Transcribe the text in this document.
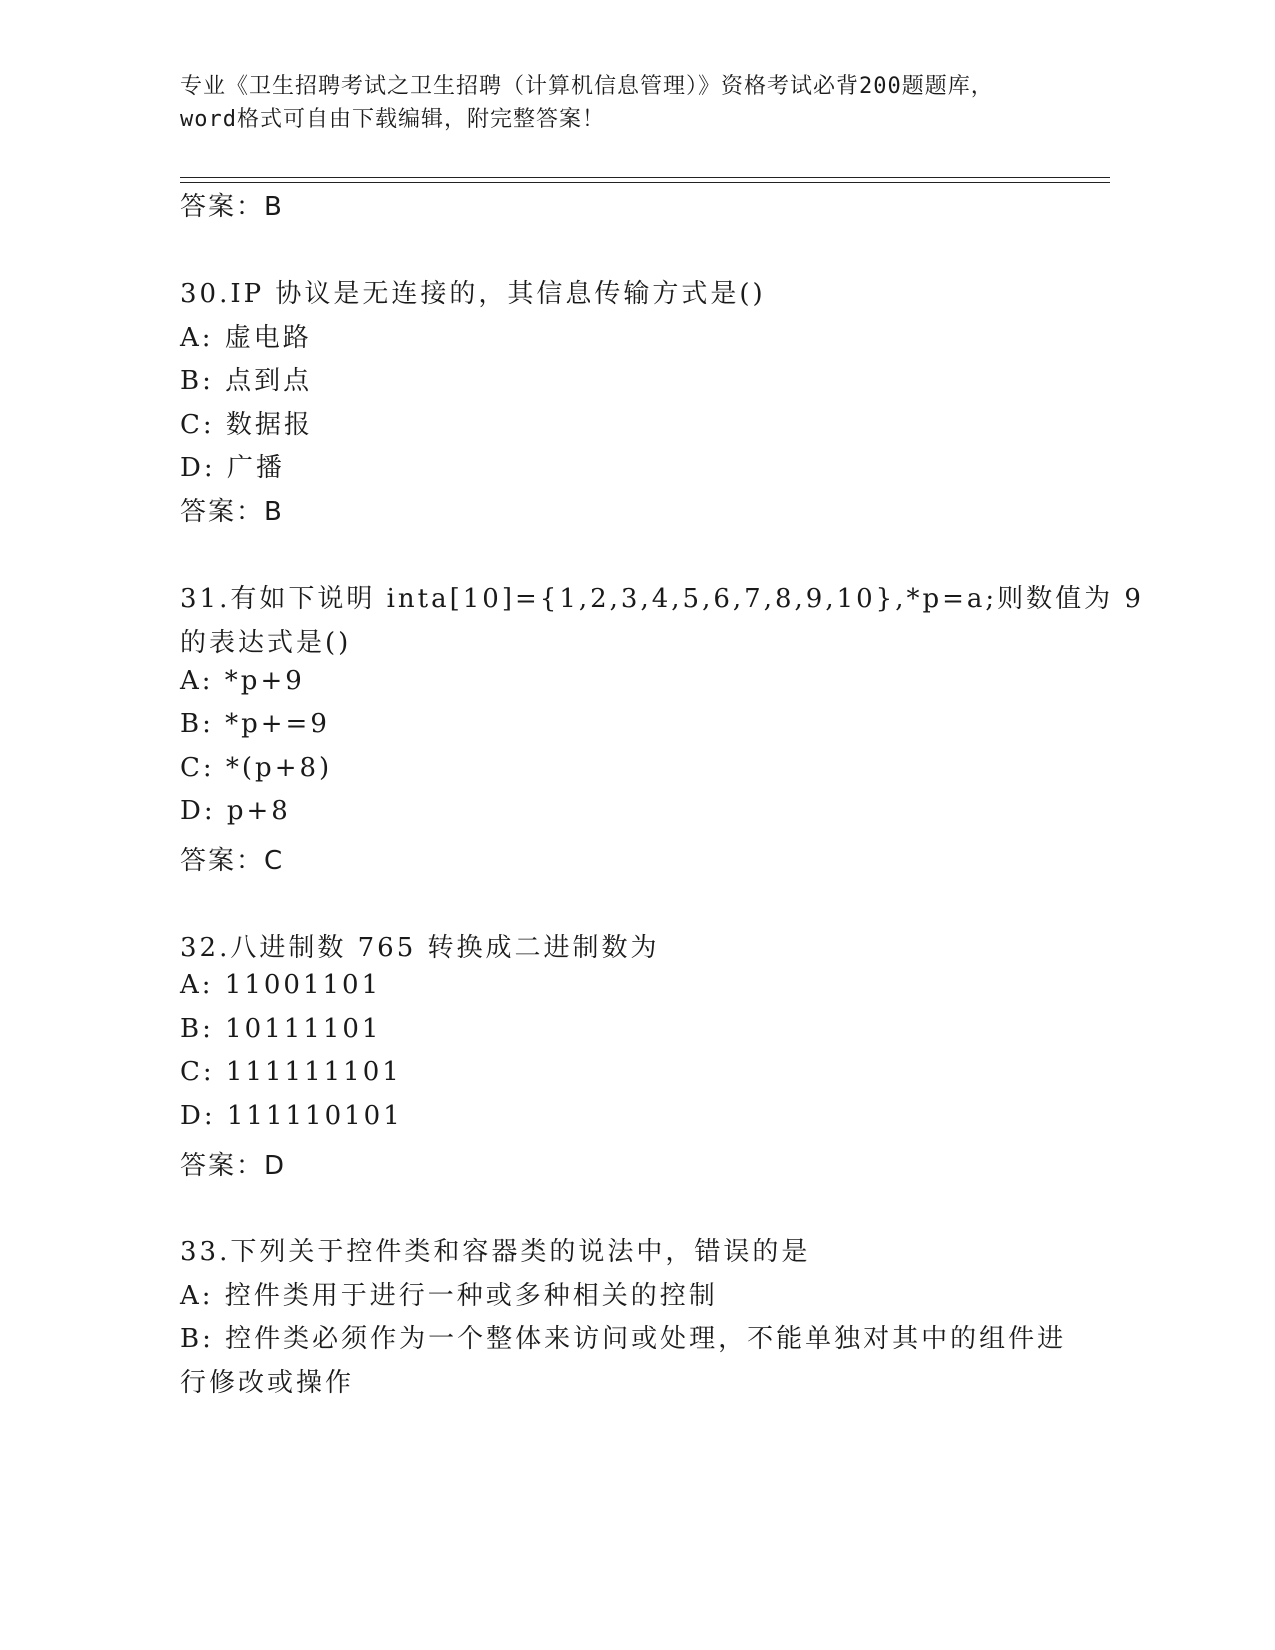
专业《卫生招聘考试之卫生招聘（计算机信息管理）》资格考试必背200题题库，
word格式可自由下载编辑，附完整答案！
答案：B
30.IP 协议是无连接的，其信息传输方式是()
A: 虚电路
B: 点到点
C: 数据报
D: 广播
答案：B
31.有如下说明 inta[10]={1,2,3,4,5,6,7,8,9,10},*p=a;则数值为 9
的表达式是()
A: *p+9
B: *p+=9
C: *(p+8)
D: p+8
答案：C
32.八进制数 765 转换成二进制数为
A: 11001101
B: 10111101
C: 111111101
D: 111110101
答案：D
33.下列关于控件类和容器类的说法中，错误的是
A: 控件类用于进行一种或多种相关的控制
B: 控件类必须作为一个整体来访问或处理，不能单独对其中的组件进
行修改或操作
